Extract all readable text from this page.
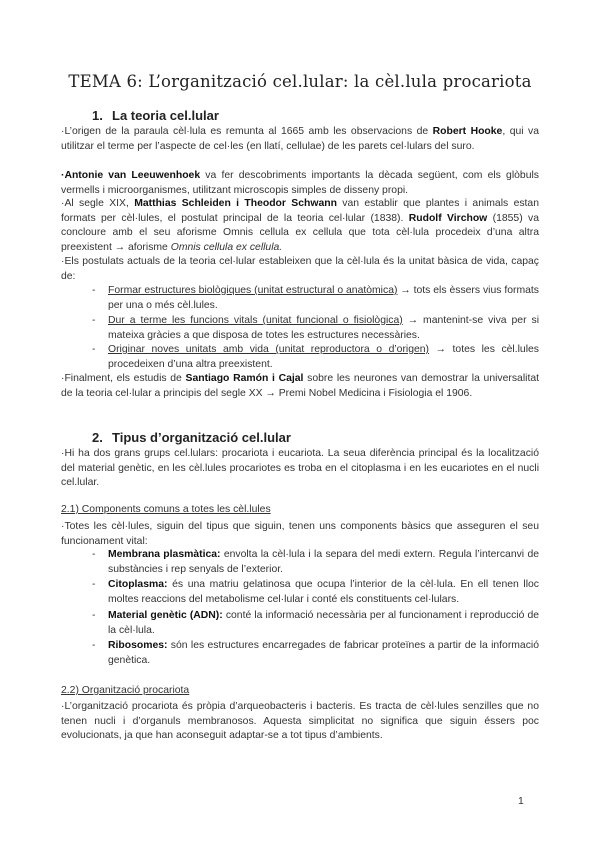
TEMA 6: L’organització cel.lular: la cèl.lula procariota
1. La teoria cel.lular
·L’origen de la paraula cèl·lula es remunta al 1665 amb les observacions de Robert Hooke, qui va utilitzar el terme per l’aspecte de cel·les (en llatí, cellulae) de les parets cel·lulars del suro.
·Antonie van Leeuwenhoek va fer descobriments importants la dècada següent, com els glòbuls vermells i microorganismes, utilitzant microscopis simples de disseny propi.
·Al segle XIX, Matthias Schleiden i Theodor Schwann van establir que plantes i animals estan formats per cèl·lules, el postulat principal de la teoria cel·lular (1838). Rudolf Virchow (1855) va concloure amb el seu aforisme Omnis cellula ex cellula que tota cèl·lula procedeix d’una altra preexistent → aforisme Omnis cellula ex cellula.
·Els postulats actuals de la teoria cel·lular estableixen que la cèl·lula és la unitat bàsica de vida, capaç de:
- Formar estructures biològiques (unitat estructural o anatòmica) → tots els èssers vius formats per una o més cèl.lules.
- Dur a terme les funcions vitals (unitat funcional o fisiològica) → mantenint-se viva per si mateixa gràcies a que disposa de totes les estructures necessàries.
- Originar noves unitats amb vida (unitat reproductora o d’origen) → totes les cèl.lules procedeixen d’una altra preexistent.
·Finalment, els estudis de Santiago Ramón i Cajal sobre les neurones van demostrar la universalitat de la teoria cel·lular a principis del segle XX → Premi Nobel Medicina i Fisiologia el 1906.
2. Tipus d’organització cel.lular
·Hi ha dos grans grups cel.lulars: procariota i eucariota. La seua diferència principal és la localització del material genètic, en les cèl.lules procariotes es troba en el citoplasma i en les eucariotes en el nucli cel.lular.
2.1) Components comuns a totes les cèl.lules
·Totes les cèl·lules, siguin del tipus que siguin, tenen uns components bàsics que asseguren el seu funcionament vital:
- Membrana plasmàtica: envolta la cèl·lula i la separa del medi extern. Regula l’intercanvi de substàncies i rep senyals de l’exterior.
- Citoplasma: és una matriu gelatinosa que ocupa l’interior de la cèl·lula. En ell tenen lloc moltes reaccions del metabolisme cel·lular i conté els constituents cel·lulars.
- Material genètic (ADN): conté la informació necessària per al funcionament i reproducció de la cèl·lula.
- Ribosomes: són les estructures encarregades de fabricar proteïnes a partir de la informació genètica.
2.2) Organització procariota
·L’organització procariota és pròpia d’arqueobacteris i bacteris. Es tracta de cèl·lules senzilles que no tenen nucli i d’organuls membranosos. Aquesta simplicitat no significa que siguin éssers poc evolucionats, ja que han aconseguit adaptar-se a tot tipus d’ambients.
1
